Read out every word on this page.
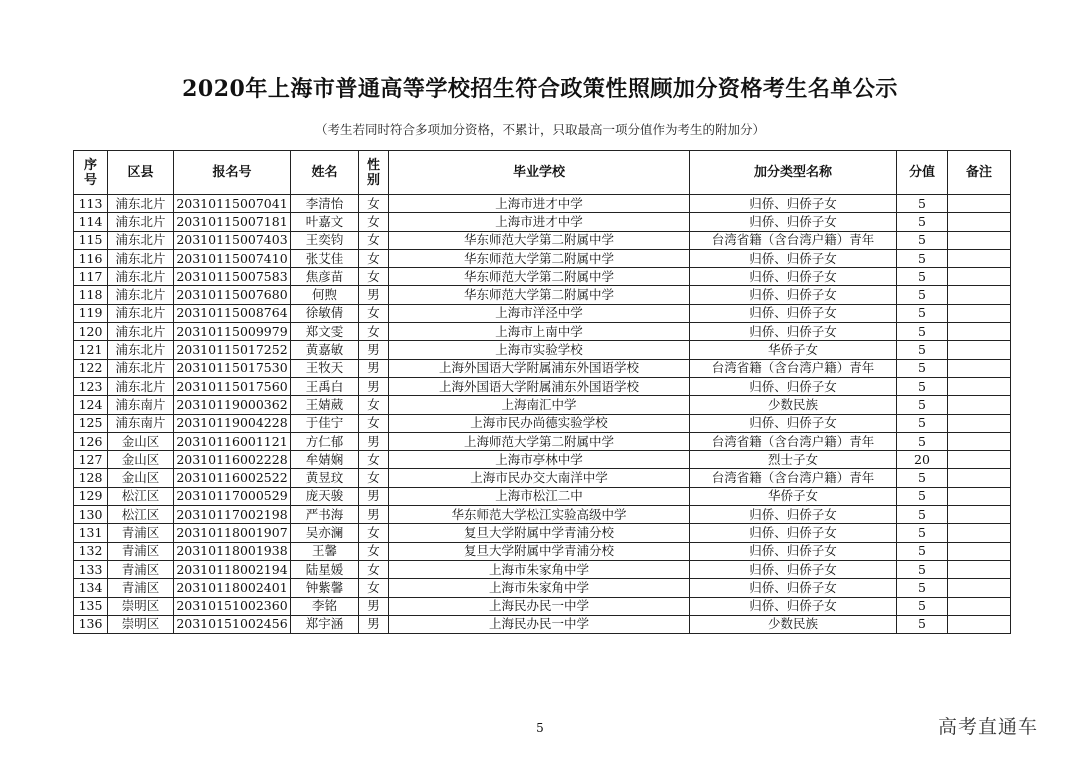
2020年上海市普通高等学校招生符合政策性照顾加分资格考生名单公示
（考生若同时符合多项加分资格，不累计，只取最高一项分值作为考生的附加分）
序号	区县	报名号	姓名	性别	毕业学校	加分类型名称	分值	备注
113	浦东北片	20310115007041	李清怡	女	上海市进才中学	归侨、归侨子女	5	
114	浦东北片	20310115007181	叶嘉文	女	上海市进才中学	归侨、归侨子女	5	
115	浦东北片	20310115007403	王奕钧	女	华东师范大学第二附属中学	台湾省籍（含台湾户籍）青年	5	
116	浦东北片	20310115007410	张艾佳	女	华东师范大学第二附属中学	归侨、归侨子女	5	
117	浦东北片	20310115007583	焦彦苗	女	华东师范大学第二附属中学	归侨、归侨子女	5	
118	浦东北片	20310115007680	何煦	男	华东师范大学第二附属中学	归侨、归侨子女	5	
119	浦东北片	20310115008764	徐敏倩	女	上海市洋泾中学	归侨、归侨子女	5	
120	浦东北片	20310115009979	郑文雯	女	上海市上南中学	归侨、归侨子女	5	
121	浦东北片	20310115017252	黄嘉敏	男	上海市实验学校	华侨子女	5	
122	浦东北片	20310115017530	王牧天	男	上海外国语大学附属浦东外国语学校	台湾省籍（含台湾户籍）青年	5	
123	浦东北片	20310115017560	王禹白	男	上海外国语大学附属浦东外国语学校	归侨、归侨子女	5	
124	浦东南片	20310119000362	王婧葳	女	上海南汇中学	少数民族	5	
125	浦东南片	20310119004228	于佳宁	女	上海市民办尚德实验学校	归侨、归侨子女	5	
126	金山区	20310116001121	方仁郁	男	上海师范大学第二附属中学	台湾省籍（含台湾户籍）青年	5	
127	金山区	20310116002228	牟婧娴	女	上海市亭林中学	烈士子女	20	
128	金山区	20310116002522	黄昱玟	女	上海市民办交大南洋中学	台湾省籍（含台湾户籍）青年	5	
129	松江区	20310117000529	庞天骏	男	上海市松江二中	华侨子女	5	
130	松江区	20310117002198	严书海	男	华东师范大学松江实验高级中学	归侨、归侨子女	5	
131	青浦区	20310118001907	吴亦澜	女	复旦大学附属中学青浦分校	归侨、归侨子女	5	
132	青浦区	20310118001938	王馨	女	复旦大学附属中学青浦分校	归侨、归侨子女	5	
133	青浦区	20310118002194	陆星媛	女	上海市朱家角中学	归侨、归侨子女	5	
134	青浦区	20310118002401	钟紫馨	女	上海市朱家角中学	归侨、归侨子女	5	
135	崇明区	20310151002360	李铭	男	上海民办民一中学	归侨、归侨子女	5	
136	崇明区	20310151002456	郑宇涵	男	上海民办民一中学	少数民族	5	
5	高考直通车
